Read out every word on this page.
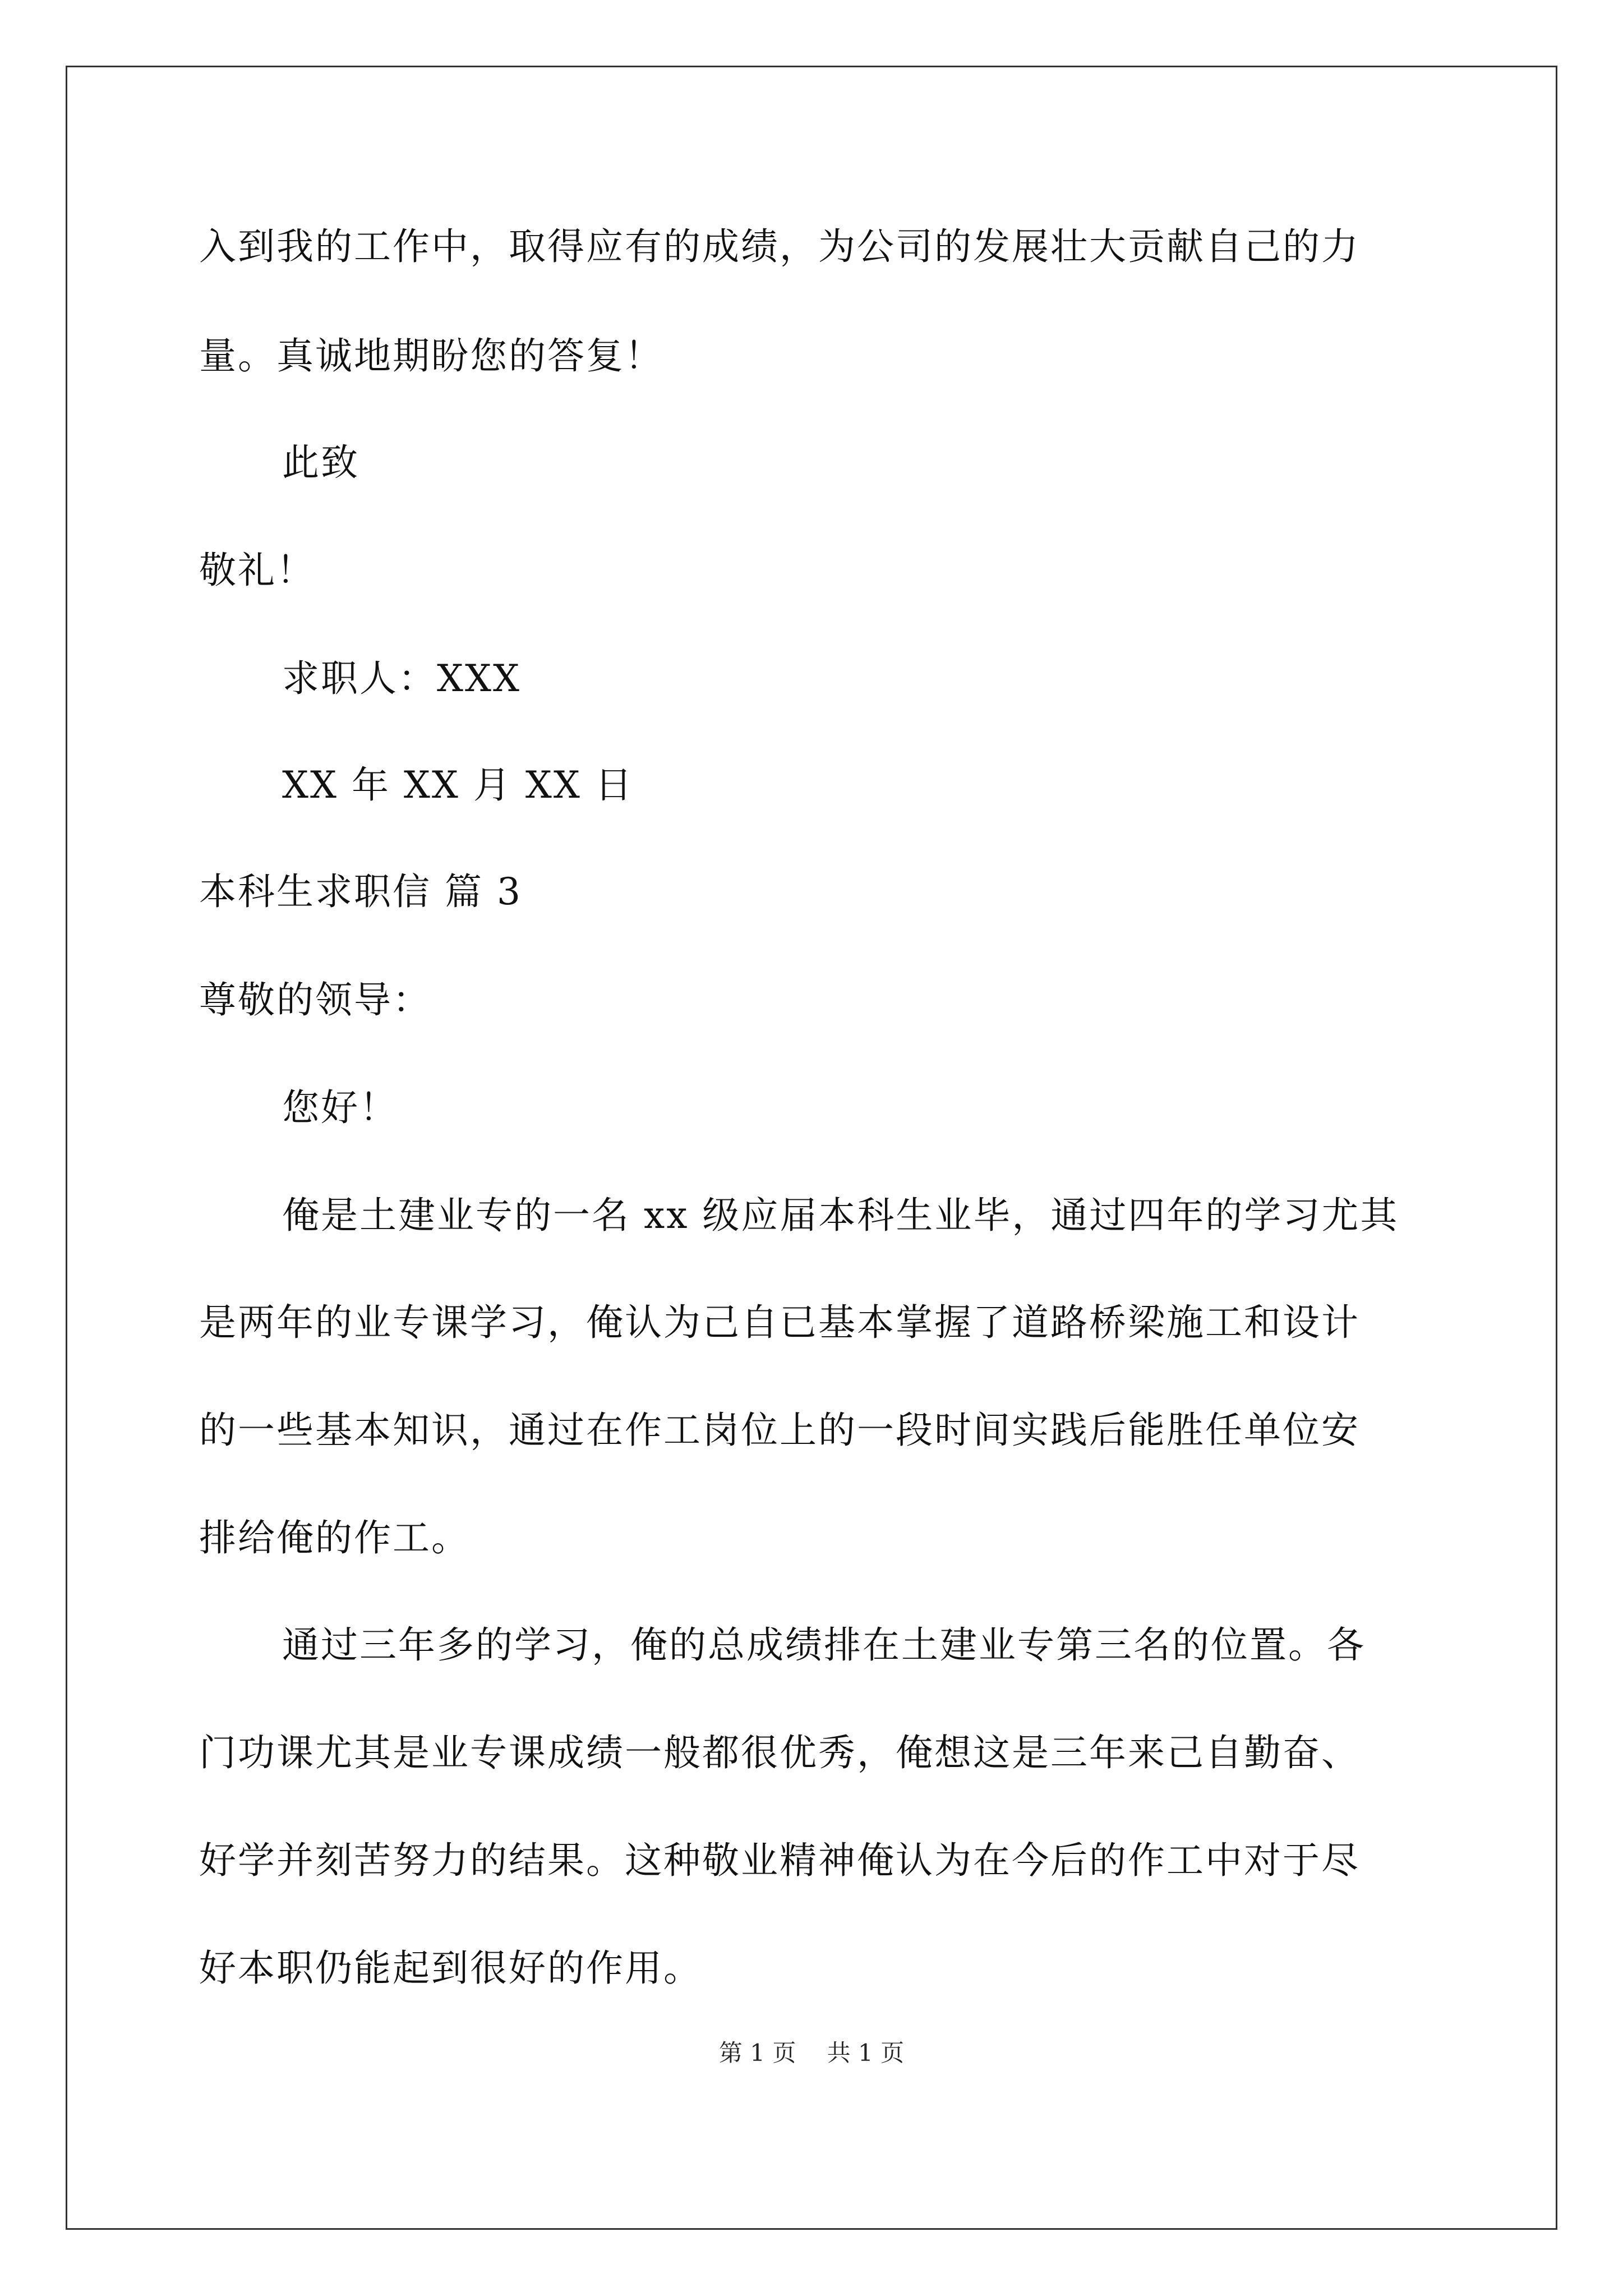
入到我的工作中，取得应有的成绩，为公司的发展壮大贡献自己的力
量。真诚地期盼您的答复！
此致
敬礼！
求职人：XXX
XX 年 XX 月 XX 日
本科生求职信 篇 3
尊敬的领导：
您好！
俺是土建业专的一名 xx 级应届本科生业毕，通过四年的学习尤其
是两年的业专课学习，俺认为己自已基本掌握了道路桥梁施工和设计
的一些基本知识，通过在作工岗位上的一段时间实践后能胜任单位安
排给俺的作工。
通过三年多的学习，俺的总成绩排在土建业专第三名的位置。各
门功课尤其是业专课成绩一般都很优秀，俺想这是三年来己自勤奋、
好学并刻苦努力的结果。这种敬业精神俺认为在今后的作工中对于尽
好本职仍能起到很好的作用。
第 1 页　 共 1 页
